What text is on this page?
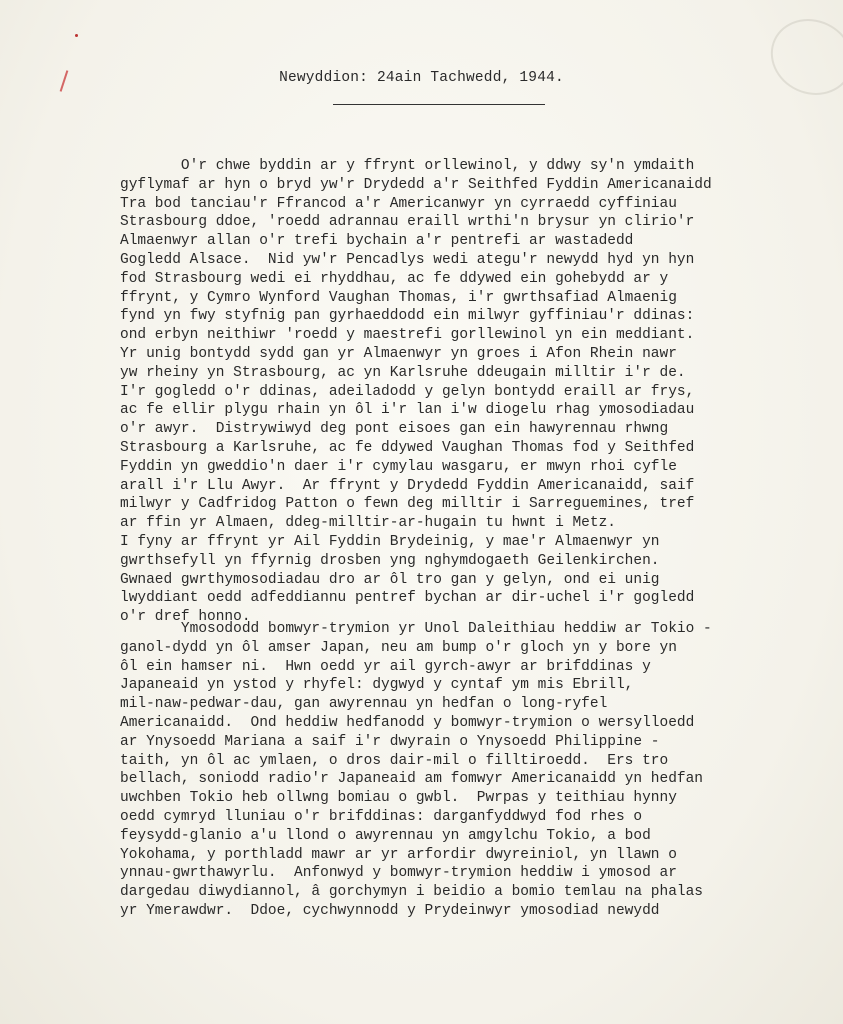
Newyddion: 24ain Tachwedd, 1944.

O'r chwe byddin ar y ffrynt orllewinol, y ddwy sy'n ymdaith
gyflymaf ar hyn o bryd yw'r Drydedd a'r Seithfed Fyddin Americanaidd
Tra bod tanciau'r Ffrancod a'r Americanwyr yn cyrraedd cyffiniau
Strasbourg ddoe, 'roedd adrannau eraill wrthi'n brysur yn clirio'r
Almaenwyr allan o'r trefi bychain a'r pentrefi ar wastadedd
Gogledd Alsace.  Nid yw'r Pencadlys wedi ategu'r newydd hyd yn hyn
fod Strasbourg wedi ei rhyddhau, ac fe ddywed ein gohebydd ar y
ffrynt, y Cymro Wynford Vaughan Thomas, i'r gwrthsafiad Almaenig
fynd yn fwy styfnig pan gyrhaeddodd ein milwyr gyffiniau'r ddinas:
ond erbyn neithiwr 'roedd y maestrefi gorllewinol yn ein meddiant.
Yr unig bontydd sydd gan yr Almaenwyr yn groes i Afon Rhein nawr
yw rheiny yn Strasbourg, ac yn Karlsruhe ddeugain milltir i'r de.
I'r gogledd o'r ddinas, adeiladodd y gelyn bontydd eraill ar frys,
ac fe ellir plygu rhain yn ôl i'r lan i'w diogelu rhag ymosodiadau
o'r awyr.  Distrywiwyd deg pont eisoes gan ein hawyrennau rhwng
Strasbourg a Karlsruhe, ac fe ddywed Vaughan Thomas fod y Seithfed
Fyddin yn gweddio'n daer i'r cymylau wasgaru, er mwyn rhoi cyfle
arall i'r Llu Awyr.  Ar ffrynt y Drydedd Fyddin Americanaidd, saif
milwyr y Cadfridog Patton o fewn deg milltir i Sarreguemines, tref
ar ffin yr Almaen, ddeg-milltir-ar-hugain tu hwnt i Metz.
I fyny ar ffrynt yr Ail Fyddin Brydeinig, y mae'r Almaenwyr yn
gwrthsefyll yn ffyrnig drosben yng nghymdogaeth Geilenkirchen.
Gwnaed gwrthymosodiadau dro ar ôl tro gan y gelyn, ond ei unig
lwyddiant oedd adfeddiannu pentref bychan ar dir-uchel i'r gogledd
o'r dref honno.

Ymosododd bomwyr-trymion yr Unol Daleithiau heddiw ar Tokio -
ganol-dydd yn ôl amser Japan, neu am bump o'r gloch yn y bore yn
ôl ein hamser ni.  Hwn oedd yr ail gyrch-awyr ar brifddinas y
Japaneaid yn ystod y rhyfel: dygwyd y cyntaf ym mis Ebrill,
mil-naw-pedwar-dau, gan awyrennau yn hedfan o long-ryfel
Americanaidd.  Ond heddiw hedfanodd y bomwyr-trymion o wersylloedd
ar Ynysoedd Mariana a saif i'r dwyrain o Ynysoedd Philippine -
taith, yn ôl ac ymlaen, o dros dair-mil o filltiroedd.  Ers tro
bellach, soniodd radio'r Japaneaid am fomwyr Americanaidd yn hedfan
uwchben Tokio heb ollwng bomiau o gwbl.  Pwrpas y teithiau hynny
oedd cymryd lluniau o'r brifddinas: darganfyddwyd fod rhes o
feysydd-glanio a'u llond o awyrennau yn amgylchu Tokio, a bod
Yokohama, y porthladd mawr ar yr arfordir dwyreiniol, yn llawn o
ynnau-gwrthawyrlu.  Anfonwyd y bomwyr-trymion heddiw i ymosod ar
dargedau diwydiannol, â gorchymyn i beidio a bomio temlau na phalas
yr Ymerawdwr.  Ddoe, cychwynnodd y Prydeinwyr ymosodiad newydd
